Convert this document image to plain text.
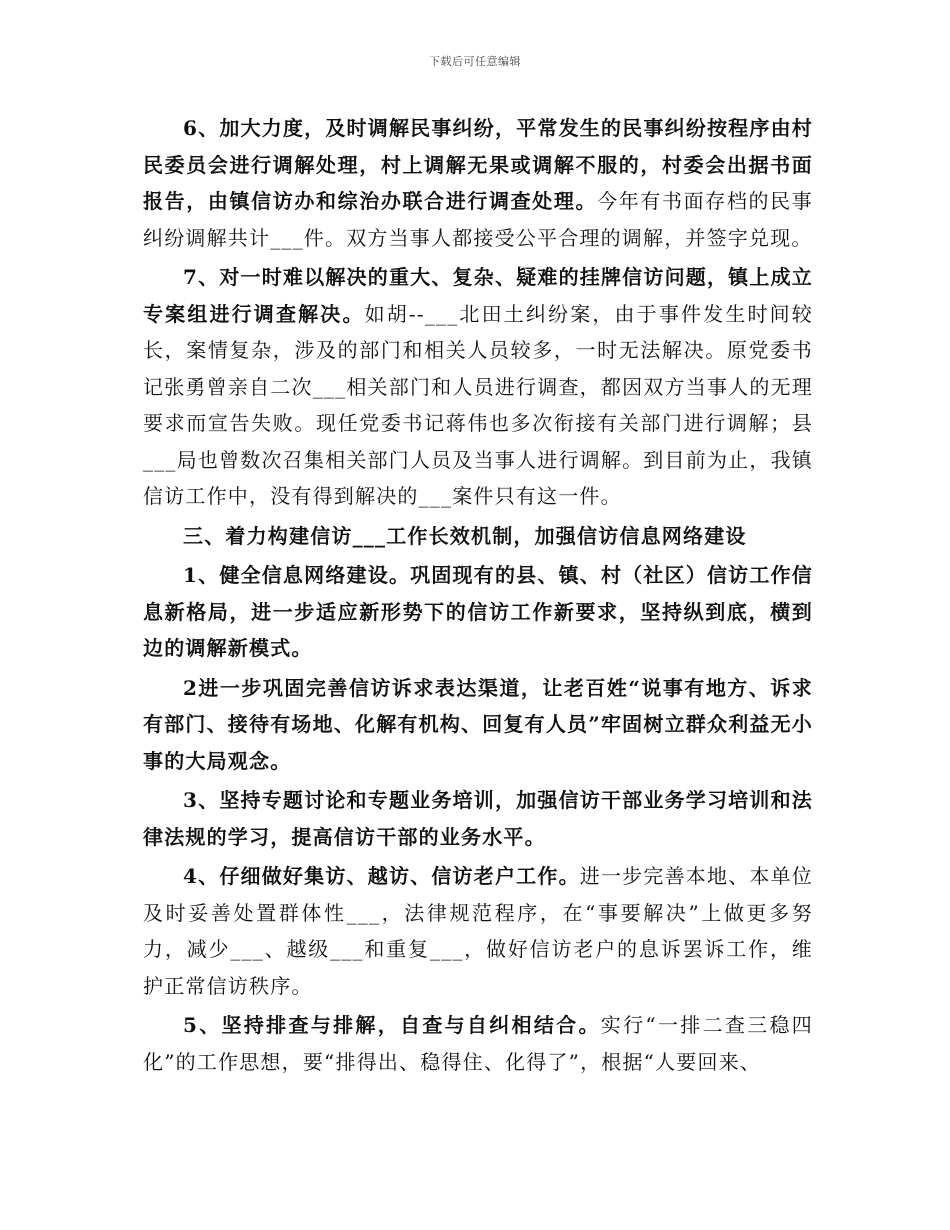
下载后可任意编辑

6、加大力度，及时调解民事纠纷，平常发生的民事纠纷按程序由村民委员会进行调解处理，村上调解无果或调解不服的，村委会出据书面报告，由镇信访办和综治办联合进行调查处理。今年有书面存档的民事纠纷调解共计___件。双方当事人都接受公平合理的调解，并签字兑现。

7、对一时难以解决的重大、复杂、疑难的挂牌信访问题，镇上成立专案组进行调查解决。如胡--___北田土纠纷案，由于事件发生时间较长，案情复杂，涉及的部门和相关人员较多，一时无法解决。原党委书记张勇曾亲自二次___相关部门和人员进行调查，都因双方当事人的无理要求而宣告失败。现任党委书记蒋伟也多次衔接有关部门进行调解；县___局也曾数次召集相关部门人员及当事人进行调解。到目前为止，我镇信访工作中，没有得到解决的___案件只有这一件。

三、着力构建信访___工作长效机制，加强信访信息网络建设

1、健全信息网络建设。巩固现有的县、镇、村（社区）信访工作信息新格局，进一步适应新形势下的信访工作新要求，坚持纵到底，横到边的调解新模式。

2进一步巩固完善信访诉求表达渠道，让老百姓“说事有地方、诉求有部门、接待有场地、化解有机构、回复有人员”牢固树立群众利益无小事的大局观念。

3、坚持专题讨论和专题业务培训，加强信访干部业务学习培训和法律法规的学习，提高信访干部的业务水平。

4、仔细做好集访、越访、信访老户工作。进一步完善本地、本单位及时妥善处置群体性___，法律规范程序，在“事要解决”上做更多努力，减少___、越级___和重复___，做好信访老户的息诉罢诉工作，维护正常信访秩序。

5、坚持排查与排解，自查与自纠相结合。实行“一排二查三稳四化”的工作思想，要“排得出、稳得住、化得了”，根据“人要回来、
